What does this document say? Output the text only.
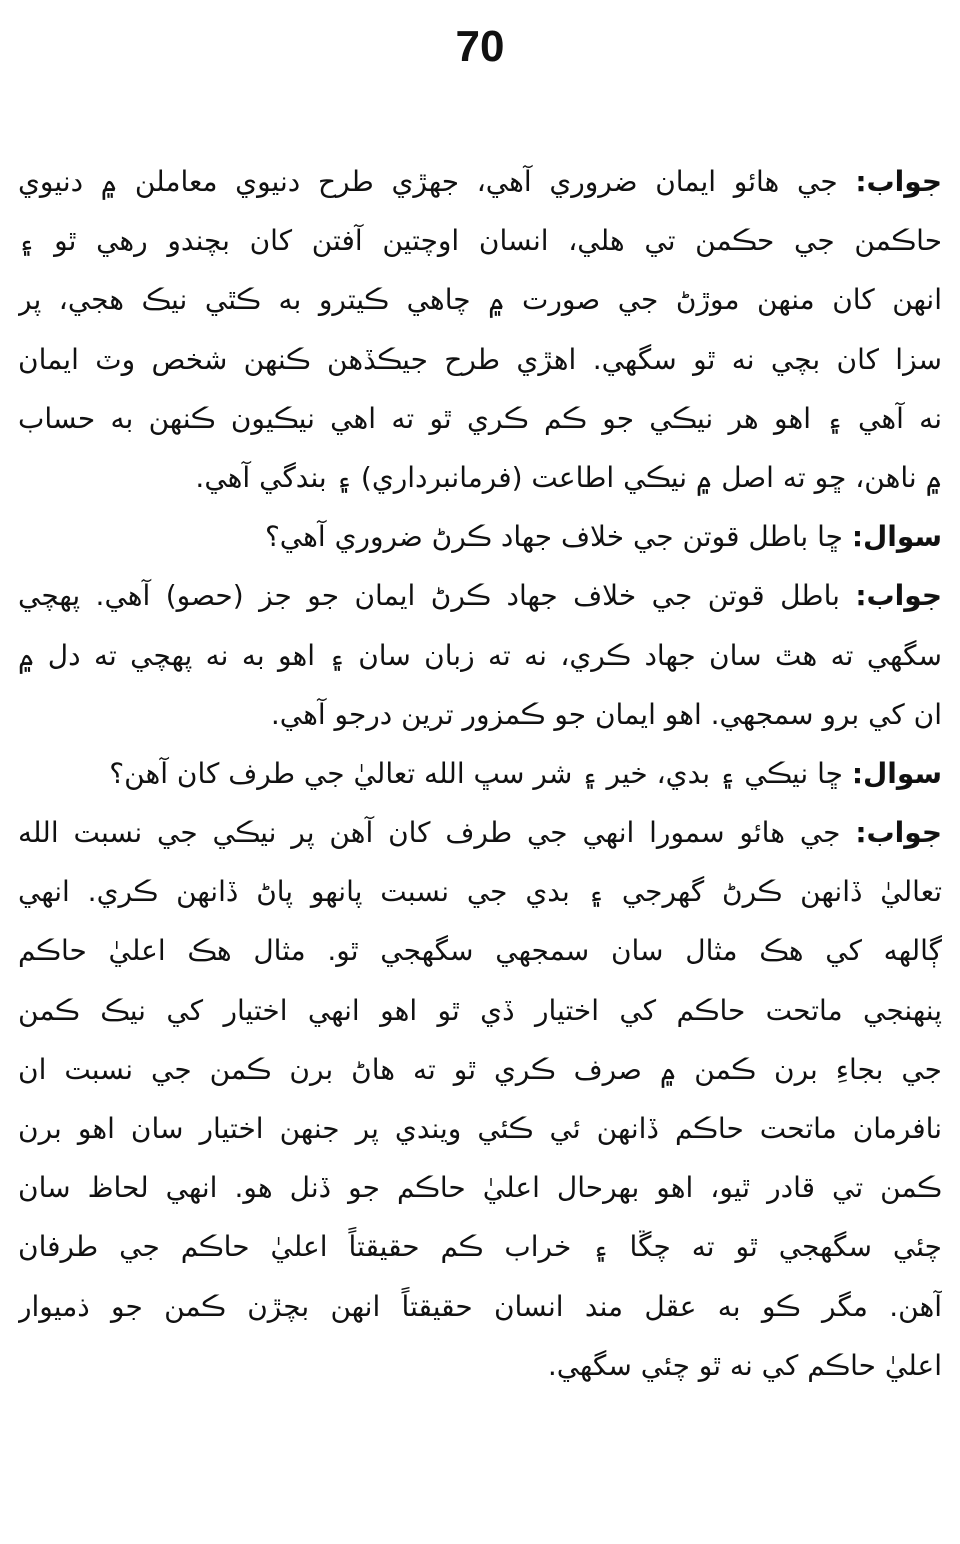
70
جواب: جي هائو ايمان ضروري آهي، جهڙي طرح دنيوي معاملن ۾ دنيوي
حاڪمن جي حڪمن تي هلي، انسان اوچتين آفتن کان بچندو رهي ٿو ۽
انهن کان منهن موڙڻ جي صورت ۾ چاهي ڪيترو به ڪٿي نيڪ هجي، پر
سزا کان بچي نه ٿو سگهي. اهڙي طرح جيڪڏهن ڪنهن شخص وٽ ايمان
نه آهي ۽ اهو هر نيڪي جو ڪم ڪري ٿو ته اهي نيڪيون ڪنهن به حساب
۾ ناهن، ڇو ته اصل ۾ نيڪي اطاعت (فرمانبرداري) ۽ بندگي آهي.
سوال: ڇا باطل قوتن جي خلاف جهاد ڪرڻ ضروري آهي؟
جواب: باطل قوتن جي خلاف جهاد ڪرڻ ايمان جو جز (حصو) آهي. پهچي
سگهي ته هٿ سان جهاد ڪري، نه ته زبان سان ۽ اهو به نه پهچي ته دل ۾
ان کي برو سمجهي. اهو ايمان جو ڪمزور ترين درجو آهي.
سوال: ڇا نيڪي ۽ بدي، خير ۽ شر سڀ الله تعاليٰ جي طرف کان آهن؟
جواب: جي هائو سمورا انهي جي طرف کان آهن پر نيڪي جي نسبت الله
تعاليٰ ڏانهن ڪرڻ گهرجي ۽ بدي جي نسبت پانهو پاڻ ڏانهن ڪري. انهي
ڳالهه کي هڪ مثال سان سمجهي سگهجي ٿو. مثال هڪ اعليٰ حاڪم
پنهنجي ماتحت حاڪم کي اختيار ڏي ٿو اهو انهي اختيار کي نيڪ ڪمن
جي بجاءِ برن ڪمن ۾ صرف ڪري ٿو ته هاڻ برن ڪمن جي نسبت ان
نافرمان ماتحت حاڪم ڏانهن ئي ڪئي ويندي پر جنهن اختيار سان اهو برن
ڪمن تي قادر ٿيو، اهو بهرحال اعليٰ حاڪم جو ڏنل هو. انهي لحاظ سان
چئي سگهجي ٿو ته چڱا ۽ خراب ڪم حقيقتاً اعليٰ حاڪم جي طرفان
آهن. مگر ڪو به عقل مند انسان حقيقتاً انهن بچڙن ڪمن جو ذميوار
اعليٰ حاڪم کي نه ٿو چئي سگهي.
